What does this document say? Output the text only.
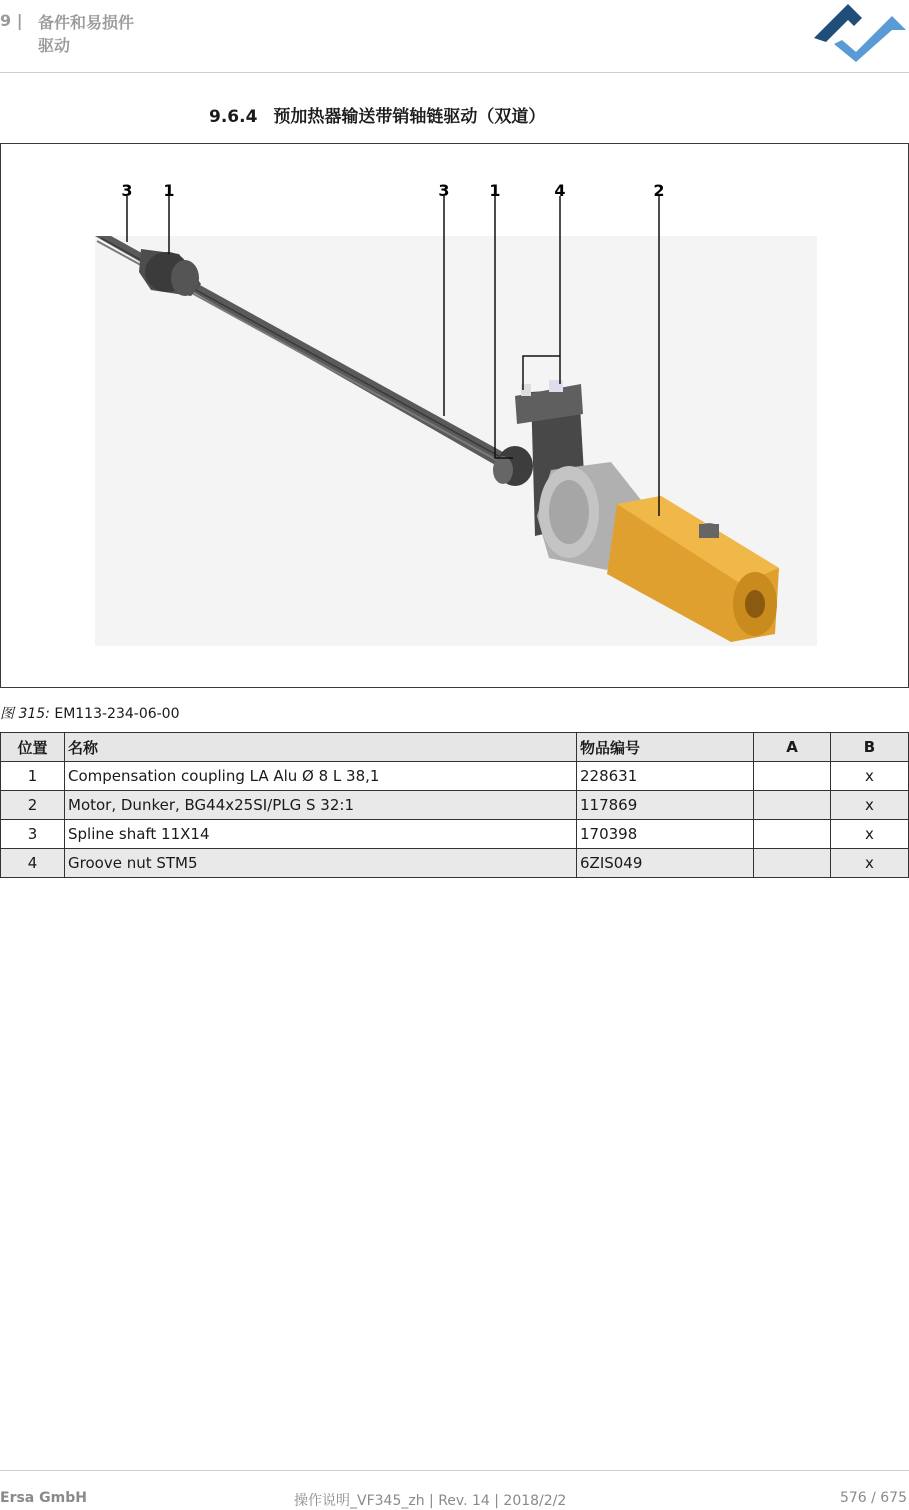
9 | 备件和易损件
驱动
9.6.4 预加热器输送带销轴链驱动（双道）
3 1	3 1	4	2
图 315: EM113-234-06-00
位置	名称	物品编号	A	B
1	Compensation coupling LA Alu Ø 8 L 38,1	228631		x
2	Motor, Dunker, BG44x25SI/PLG S 32:1	117869		x
3	Spline shaft 11X14	170398		x
4	Groove nut STM5	6ZIS049		x
Ersa GmbH	操作说明_VF345_zh | Rev. 14 | 2018/2/2	576 / 675
